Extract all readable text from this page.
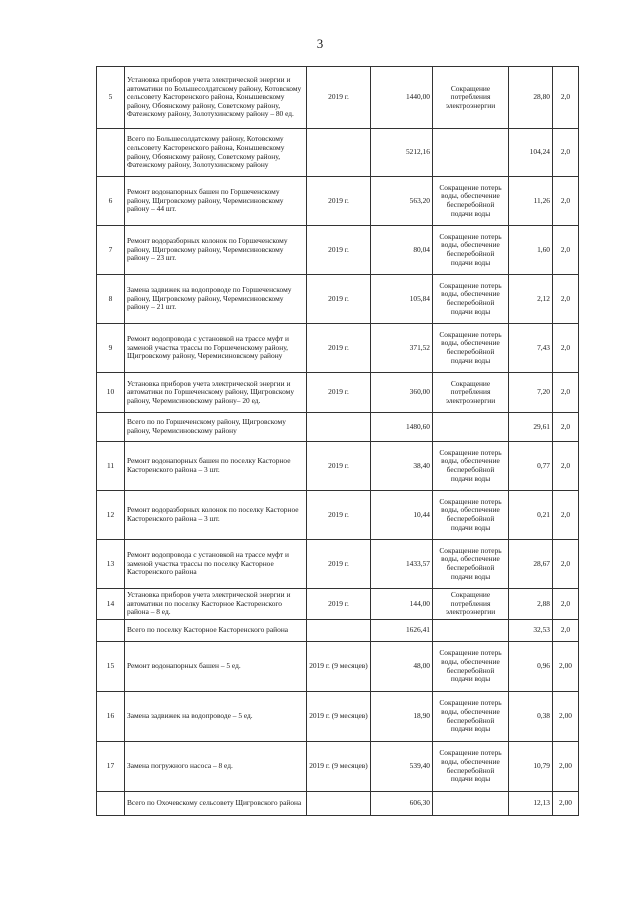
3
5	Установка приборов учета электрической энергии и автоматики по Большесолдатскому району, Котовскому сельсовету Касторенского района, Конышевскому району, Обоянскому району, Советскому району, Фатежскому району, Золотухинскому району – 80 ед.	2019 г.	1440,00	Сокращение потребления электроэнергии	28,80	2,0
	Всего по Большесолдатскому району, Котовскому сельсовету Касторенского района, Конышевскому району, Обоянскому району, Советскому району, Фатежскому району, Золотухинскому району		5212,16		104,24	2,0
6	Ремонт водонапорных башен по Горшеченскому району, Щигровскому району, Черемисиновскому району – 44 шт.	2019 г.	563,20	Сокращение потерь воды, обеспечение бесперебойной подачи воды	11,26	2,0
7	Ремонт водоразборных колонок по Горшеченскому району, Щигровскому району, Черемисиновскому району – 23 шт.	2019 г.	80,04	Сокращение потерь воды, обеспечение бесперебойной подачи воды	1,60	2,0
8	Замена задвижек на водопроводе по Горшеченскому району, Щигровскому району, Черемисиновскому району – 21 шт.	2019 г.	105,84	Сокращение потерь воды, обеспечение бесперебойной подачи воды	2,12	2,0
9	Ремонт водопровода с установкой на трассе муфт и заменой участка трассы по Горшеченскому району, Щигровскому району, Черемисиновскому району	2019 г.	371,52	Сокращение потерь воды, обеспечение бесперебойной подачи воды	7,43	2,0
10	Установка приборов учета электрической энергии и автоматики по Горшеченскому району, Щигровскому району, Черемисиновскому району– 20 ед.	2019 г.	360,00	Сокращение потребления электроэнергии	7,20	2,0
	Всего по по Горшеченскому району, Щигровскому району, Черемисиновскому району		1480,60		29,61	2,0
11	Ремонт водонапорных башен по поселку Касторное Касторенского района – 3 шт.	2019 г.	38,40	Сокращение потерь воды, обеспечение бесперебойной подачи воды	0,77	2,0
12	Ремонт водоразборных колонок по поселку Касторное Касторенского района – 3 шт.	2019 г.	10,44	Сокращение потерь воды, обеспечение бесперебойной подачи воды	0,21	2,0
13	Ремонт водопровода с установкой на трассе муфт и заменой участка трассы по поселку Касторное Касторенского района	2019 г.	1433,57	Сокращение потерь воды, обеспечение бесперебойной подачи воды	28,67	2,0
14	Установка приборов учета электрической энергии и автоматики по поселку Касторное Касторенского района – 8 ед.	2019 г.	144,00	Сокращение потребления электроэнергии	2,88	2,0
	Всего по поселку Касторное Касторенского района		1626,41		32,53	2,0
15	Ремонт водонапорных башен – 5 ед.	2019 г. (9 месяцев)	48,00	Сокращение потерь воды, обеспечение бесперебойной подачи воды	0,96	2,00
16	Замена задвижек на водопроводе – 5 ед.	2019 г. (9 месяцев)	18,90	Сокращение потерь воды, обеспечение бесперебойной подачи воды	0,38	2,00
17	Замена погружного насоса – 8 ед.	2019 г. (9 месяцев)	539,40	Сокращение потерь воды, обеспечение бесперебойной подачи воды	10,79	2,00
	Всего по Охочевскому сельсовету Щигровского района		606,30		12,13	2,00
